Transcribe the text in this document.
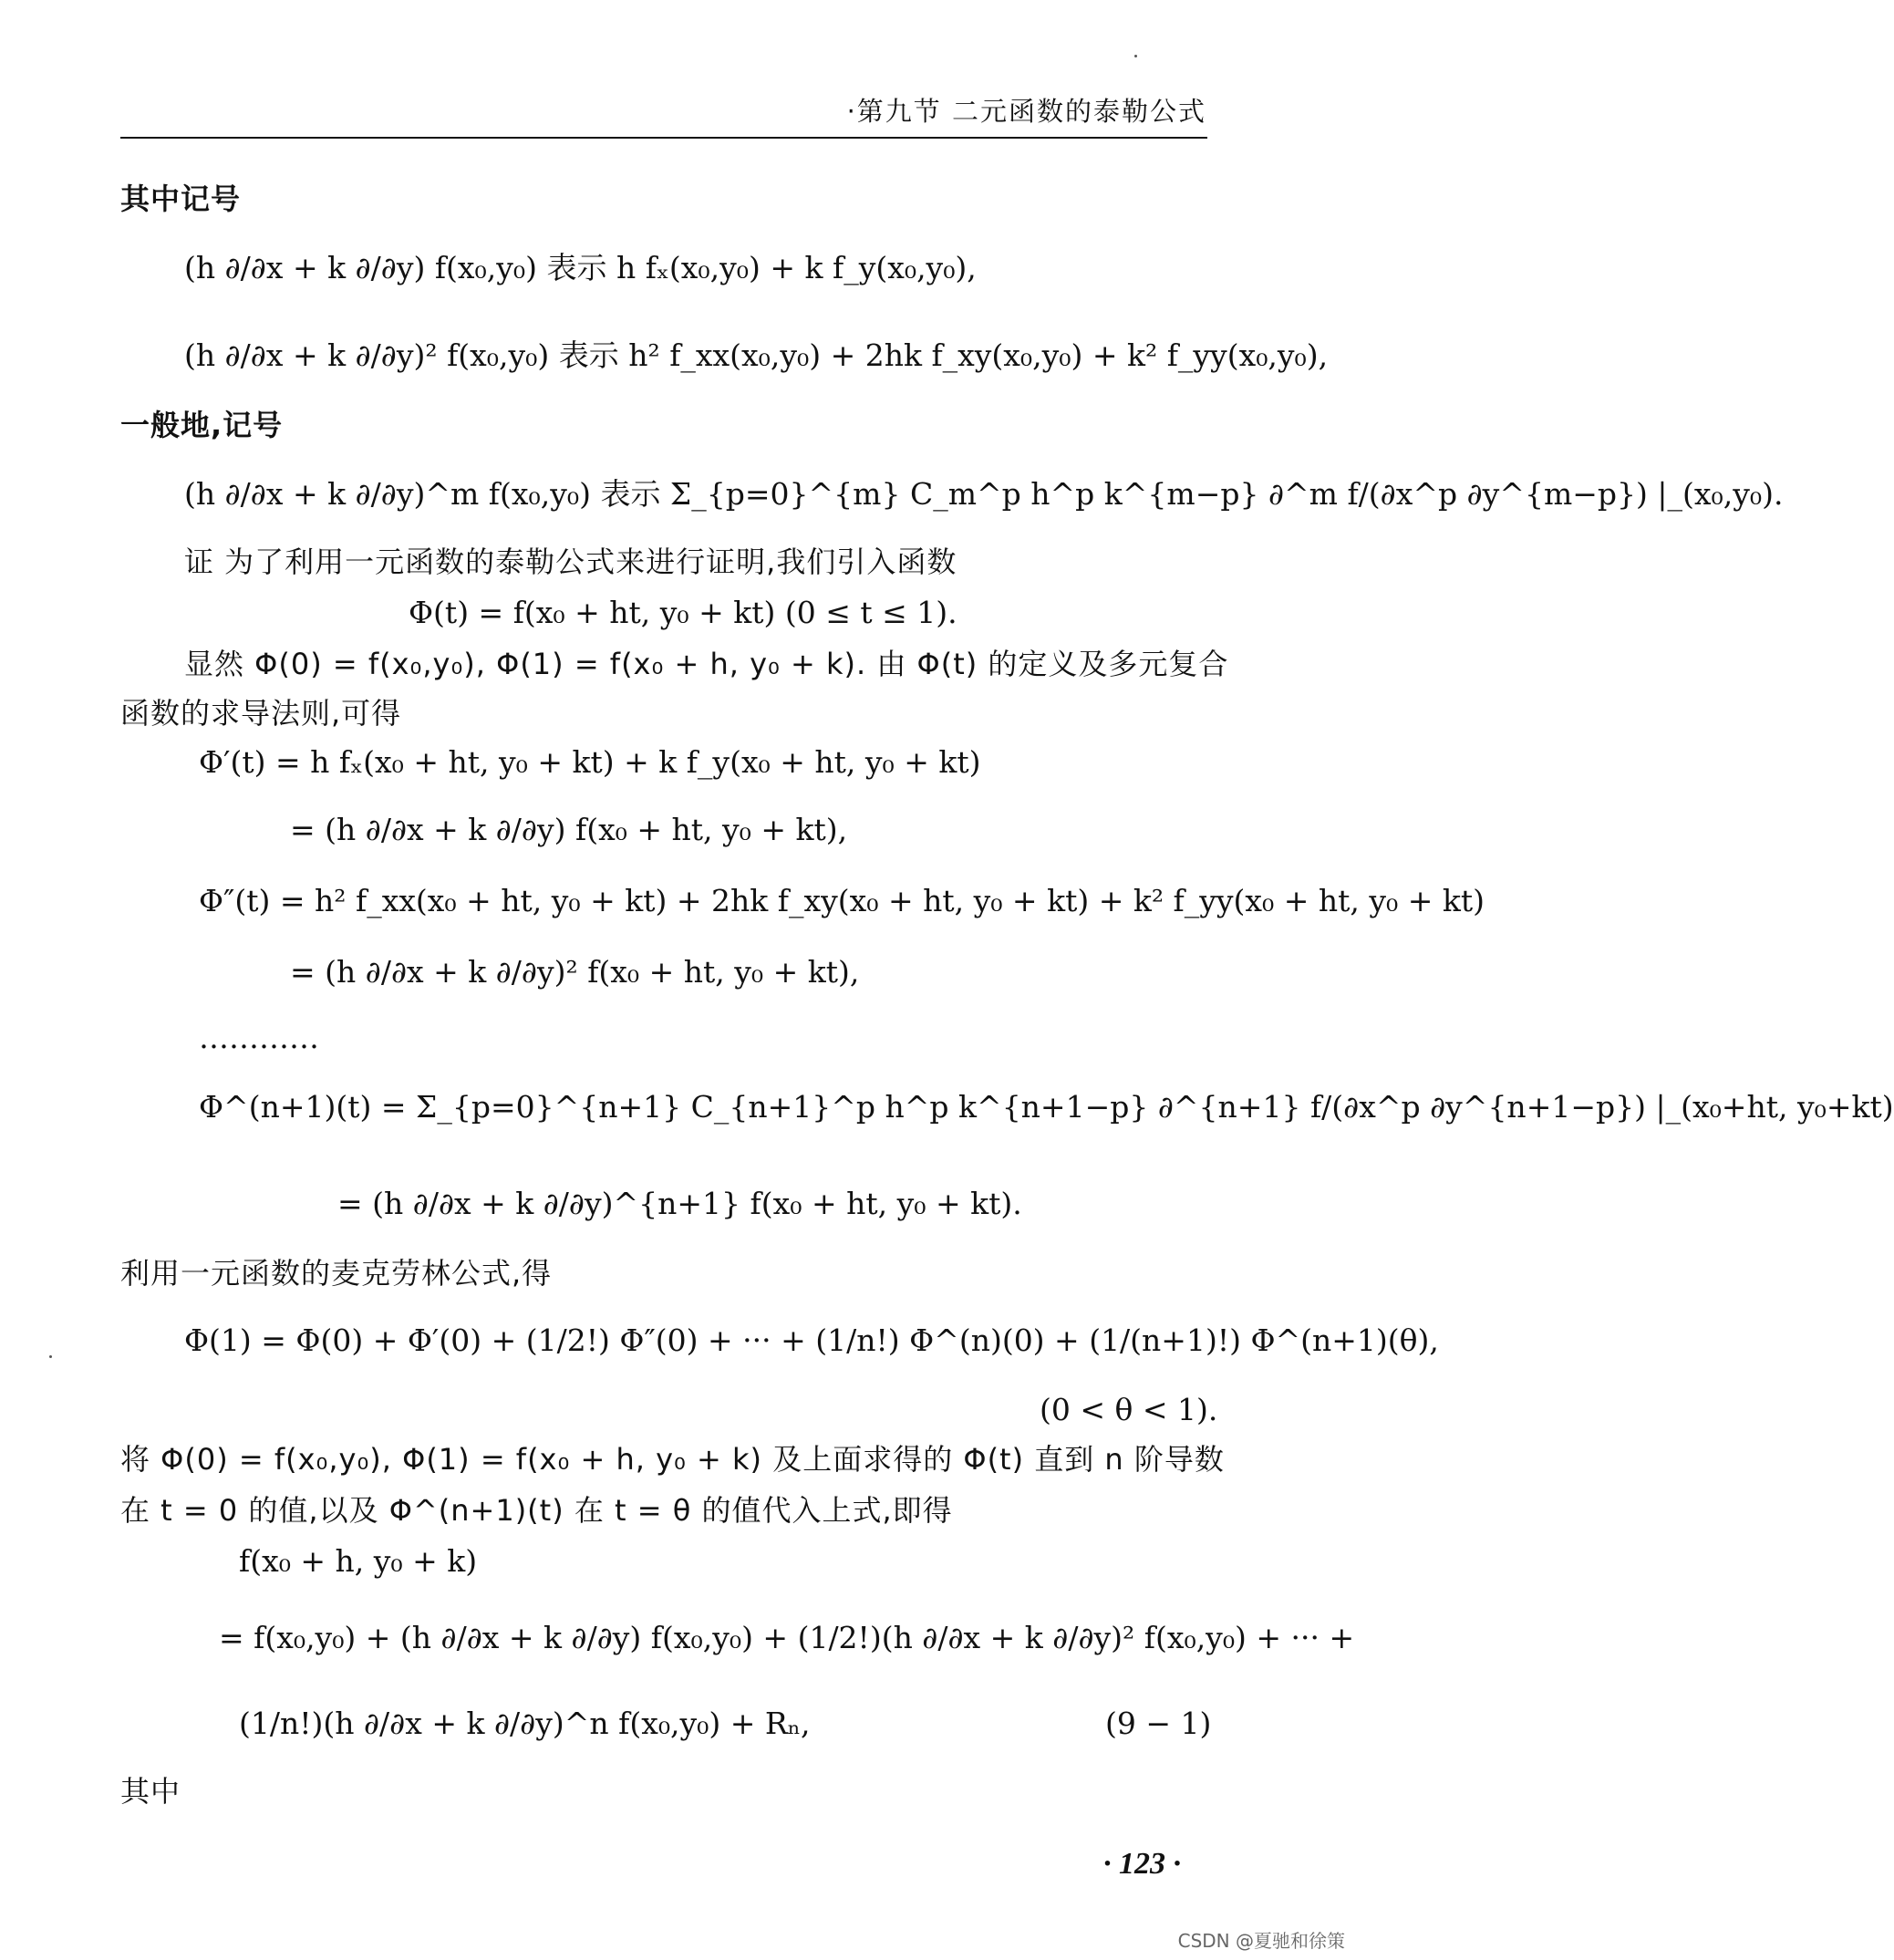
·第九节 二元函数的泰勒公式
其中记号
(h ∂/∂x + k ∂/∂y) f(x₀,y₀) 表示 h fₓ(x₀,y₀) + k f_y(x₀,y₀),
(h ∂/∂x + k ∂/∂y)² f(x₀,y₀) 表示 h² f_xx(x₀,y₀) + 2hk f_xy(x₀,y₀) + k² f_yy(x₀,y₀),
一般地,记号
(h ∂/∂x + k ∂/∂y)^m f(x₀,y₀) 表示 Σ_{p=0}^{m} C_m^p h^p k^{m−p} ∂^m f/(∂x^p ∂y^{m−p}) |_(x₀,y₀).
证 为了利用一元函数的泰勒公式来进行证明,我们引入函数
Φ(t) = f(x₀ + ht, y₀ + kt) (0 ≤ t ≤ 1).
显然 Φ(0) = f(x₀,y₀), Φ(1) = f(x₀ + h, y₀ + k). 由 Φ(t) 的定义及多元复合
函数的求导法则,可得
Φ′(t) = h fₓ(x₀ + ht, y₀ + kt) + k f_y(x₀ + ht, y₀ + kt)
= (h ∂/∂x + k ∂/∂y) f(x₀ + ht, y₀ + kt),
Φ″(t) = h² f_xx(x₀ + ht, y₀ + kt) + 2hk f_xy(x₀ + ht, y₀ + kt) + k² f_yy(x₀ + ht, y₀ + kt)
= (h ∂/∂x + k ∂/∂y)² f(x₀ + ht, y₀ + kt),
…………
Φ^(n+1)(t) = Σ_{p=0}^{n+1} C_{n+1}^p h^p k^{n+1−p} ∂^{n+1} f/(∂x^p ∂y^{n+1−p}) |_(x₀+ht, y₀+kt)
= (h ∂/∂x + k ∂/∂y)^{n+1} f(x₀ + ht, y₀ + kt).
利用一元函数的麦克劳林公式,得
Φ(1) = Φ(0) + Φ′(0) + (1/2!) Φ″(0) + ··· + (1/n!) Φ^(n)(0) + (1/(n+1)!) Φ^(n+1)(θ),
(0 < θ < 1).
将 Φ(0) = f(x₀,y₀), Φ(1) = f(x₀ + h, y₀ + k) 及上面求得的 Φ(t) 直到 n 阶导数
在 t = 0 的值,以及 Φ^(n+1)(t) 在 t = θ 的值代入上式,即得
f(x₀ + h, y₀ + k)
= f(x₀,y₀) + (h ∂/∂x + k ∂/∂y) f(x₀,y₀) + (1/2!)(h ∂/∂x + k ∂/∂y)² f(x₀,y₀) + ··· +
(1/n!)(h ∂/∂x + k ∂/∂y)^n f(x₀,y₀) + Rₙ,	(9 − 1)
其中
· 123 ·
CSDN @夏驰和徐策
